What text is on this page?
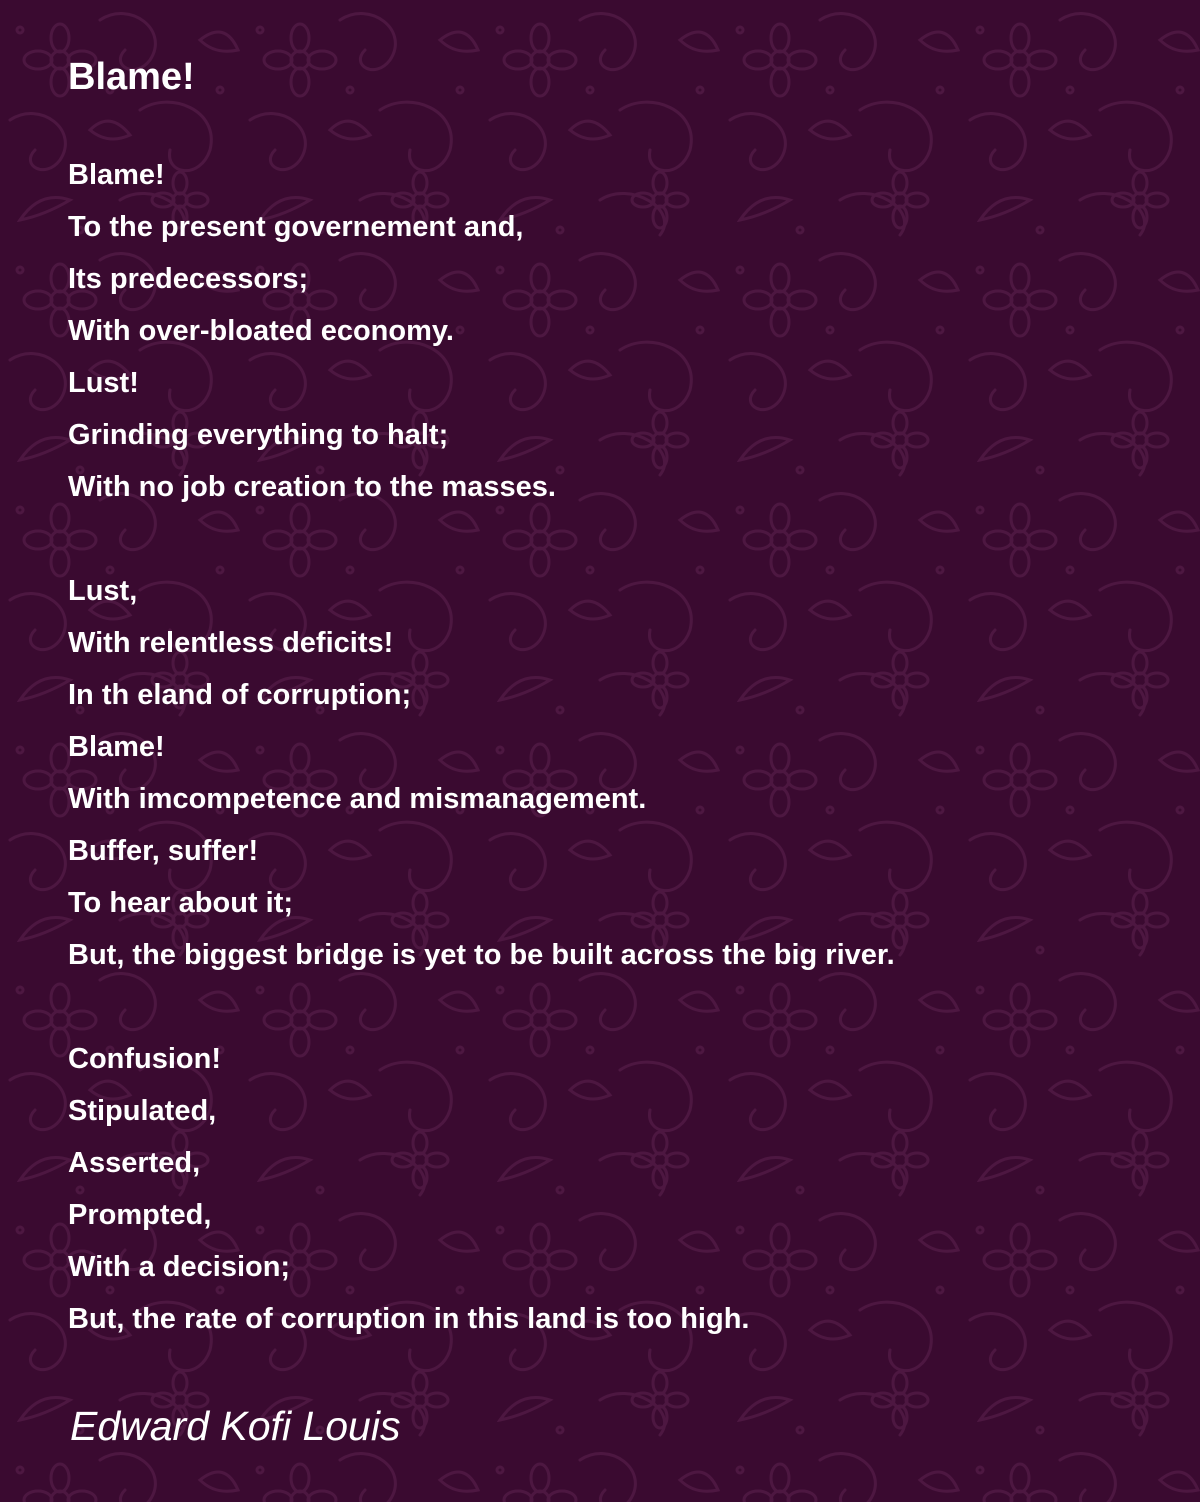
Blame!
Blame!
To the present governement and,
Its predecessors;
With over-bloated economy.
Lust!
Grinding everything to halt;
With no job creation to the masses.
Lust,
With relentless deficits!
In th eland of corruption;
Blame!
With imcompetence and mismanagement.
Buffer, suffer!
To hear about it;
But, the biggest bridge is yet to be built across the big river.
Confusion!
Stipulated,
Asserted,
Prompted,
With a decision;
But, the rate of corruption in this land is too high.
Edward Kofi Louis
